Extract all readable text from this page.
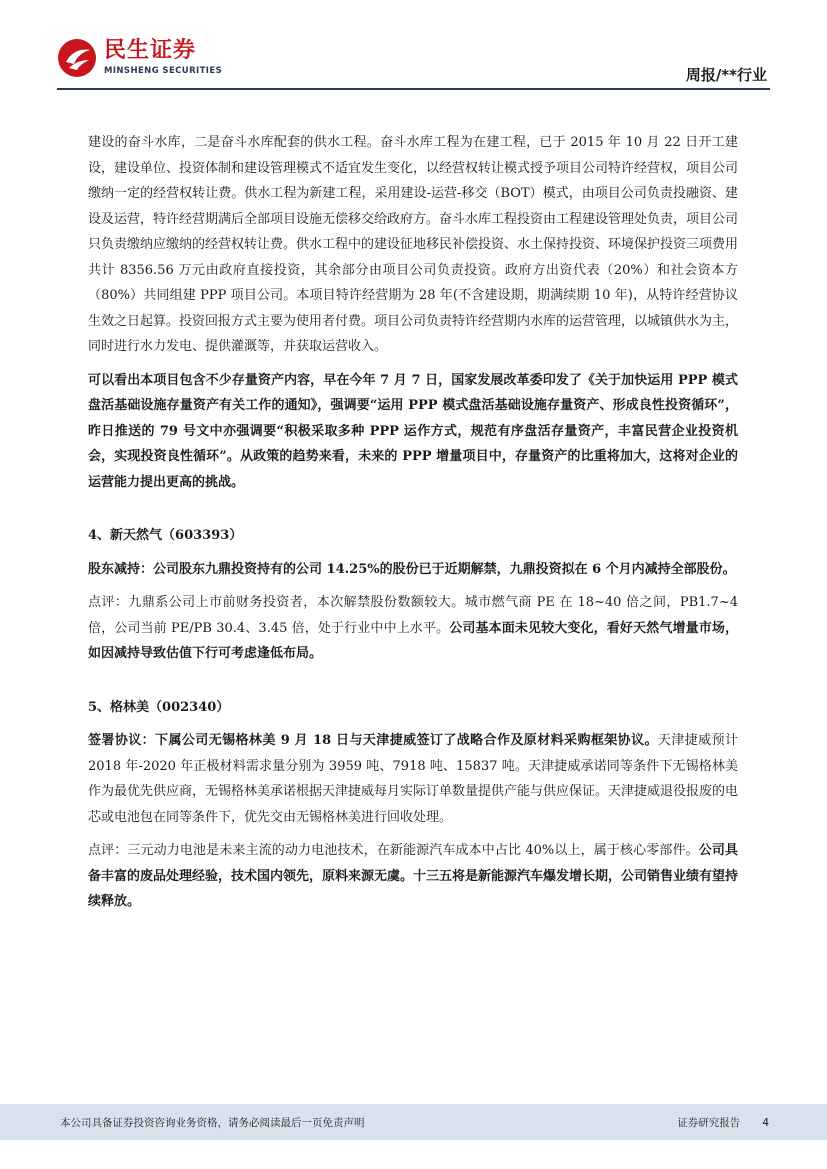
民生证券
MINSHENG SECURITIES	周报/**行业

建设的奋斗水库，二是奋斗水库配套的供水工程。奋斗水库工程为在建工程，已于 2015 年 10 月 22 日开工建设，建设单位、投资体制和建设管理模式不适宜发生变化，以经营权转让模式授予项目公司特许经营权，项目公司缴纳一定的经营权转让费。供水工程为新建工程，采用建设-运营-移交（BOT）模式，由项目公司负责投融资、建设及运营，特许经营期满后全部项目设施无偿移交给政府方。奋斗水库工程投资由工程建设管理处负责，项目公司只负责缴纳应缴纳的经营权转让费。供水工程中的建设征地移民补偿投资、水土保持投资、环境保护投资三项费用共计 8356.56 万元由政府直接投资，其余部分由项目公司负责投资。政府方出资代表（20%）和社会资本方（80%）共同组建 PPP 项目公司。本项目特许经营期为 28 年(不含建设期，期满续期 10 年)，从特许经营协议生效之日起算。投资回报方式主要为使用者付费。项目公司负责特许经营期内水库的运营管理，以城镇供水为主，同时进行水力发电、提供灌溉等，并获取运营收入。

可以看出本项目包含不少存量资产内容，早在今年 7 月 7 日，国家发展改革委印发了《关于加快运用 PPP 模式盘活基础设施存量资产有关工作的通知》，强调要“运用 PPP 模式盘活基础设施存量资产、形成良性投资循环”，昨日推送的 79 号文中亦强调要“积极采取多种 PPP 运作方式，规范有序盘活存量资产，丰富民营企业投资机会，实现投资良性循环”。从政策的趋势来看，未来的 PPP 增量项目中，存量资产的比重将加大，这将对企业的运营能力提出更高的挑战。

4、新天然气（603393）

股东减持：公司股东九鼎投资持有的公司 14.25%的股份已于近期解禁，九鼎投资拟在 6 个月内减持全部股份。

点评：九鼎系公司上市前财务投资者，本次解禁股份数额较大。城市燃气商 PE 在 18~40 倍之间，PB1.7~4 倍，公司当前 PE/PB 30.4、3.45 倍，处于行业中中上水平。公司基本面未见较大变化，看好天然气增量市场，如因减持导致估值下行可考虑逢低布局。

5、格林美（002340）

签署协议：下属公司无锡格林美 9 月 18 日与天津捷威签订了战略合作及原材料采购框架协议。天津捷威预计 2018 年-2020 年正极材料需求量分别为 3959 吨、7918 吨、15837 吨。天津捷威承诺同等条件下无锡格林美作为最优先供应商，无锡格林美承诺根据天津捷威每月实际订单数量提供产能与供应保证。天津捷威退役报废的电芯或电池包在同等条件下，优先交由无锡格林美进行回收处理。

点评：三元动力电池是未来主流的动力电池技术，在新能源汽车成本中占比 40%以上，属于核心零部件。公司具备丰富的废品处理经验，技术国内领先，原料来源无虞。十三五将是新能源汽车爆发增长期，公司销售业绩有望持续释放。

本公司具备证券投资咨询业务资格，请务必阅读最后一页免责声明	证券研究报告 4
